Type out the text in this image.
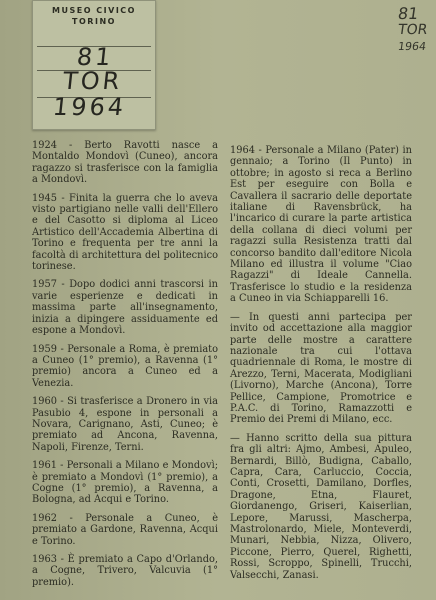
MUSEO CIVICO
TORINO
81
TOR
1964
81
TOR
1964

1924 - Berto Ravotti nasce a Montaldo Mondovì (Cuneo), ancora ragazzo si trasferisce con la famiglia a Mondovì.

1945 - Finita la guerra che lo aveva visto partigiano nelle valli dell'Ellero e del Casotto si diploma al Liceo Artistico dell'Accademia Albertina di Torino e frequenta per tre anni la facoltà di architettura del politecnico torinese.

1957 - Dopo dodici anni trascorsi in varie esperienze e dedicati in massima parte all'insegnamento, inizia a dipingere assiduamente ed espone a Mondovì.

1959 - Personale a Roma, è premiato a Cuneo (1° premio), a Ravenna (1° premio) ancora a Cuneo ed a Venezia.

1960 - Si trasferisce a Dronero in via Pasubio 4, espone in personali a Novara, Carignano, Asti, Cuneo; è premiato ad Ancona, Ravenna, Napoli, Firenze, Terni.

1961 - Personali a Milano e Mondovì; è premiato a Mondovì (1° premio), a Cogne (1° premio), a Ravenna, a Bologna, ad Acqui e Torino.

1962 - Personale a Cuneo, è premiato a Gardone, Ravenna, Acqui e Torino.

1963 - È premiato a Capo d'Orlando, a Cogne, Trivero, Valcuvia (1° premio).

1964 - Personale a Milano (Pater) in gennaio; a Torino (Il Punto) in ottobre; in agosto si reca a Berlino Est per eseguire con Bolla e Cavallera il sacrario delle deportate italiane di Ravensbrück, ha l'incarico di curare la parte artistica della collana di dieci volumi per ragazzi sulla Resistenza tratti dal concorso bandito dall'editore Nicola Milano ed illustra il volume "Ciao Ragazzi" di Ideale Cannella. Trasferisce lo studio e la residenza a Cuneo in via Schiapparelli 16.

— In questi anni partecipa per invito od accettazione alla maggior parte delle mostre a carattere nazionale tra cui l'ottava quadriennale di Roma, le mostre di Arezzo, Terni, Macerata, Modigliani (Livorno), Marche (Ancona), Torre Pellice, Campione, Promotrice e P.A.C. di Torino, Ramazzotti e Premio dei Premi di Milano, ecc.

— Hanno scritto della sua pittura fra gli altri: Ajmo, Ambesi, Apuleo, Bernardi, Billò, Budigna, Caballo, Capra, Cara, Carluccio, Coccia, Conti, Crosetti, Damilano, Dorfles, Dragone, Etna, Flauret, Giordanengo, Griseri, Kaiserlian, Lepore, Marussi, Mascherpa, Mastrolonardo, Miele, Monteverdi, Munari, Nebbia, Nizza, Olivero, Piccone, Pierro, Querel, Righetti, Rossi, Scroppo, Spinelli, Trucchi, Valsecchi, Zanasi.
